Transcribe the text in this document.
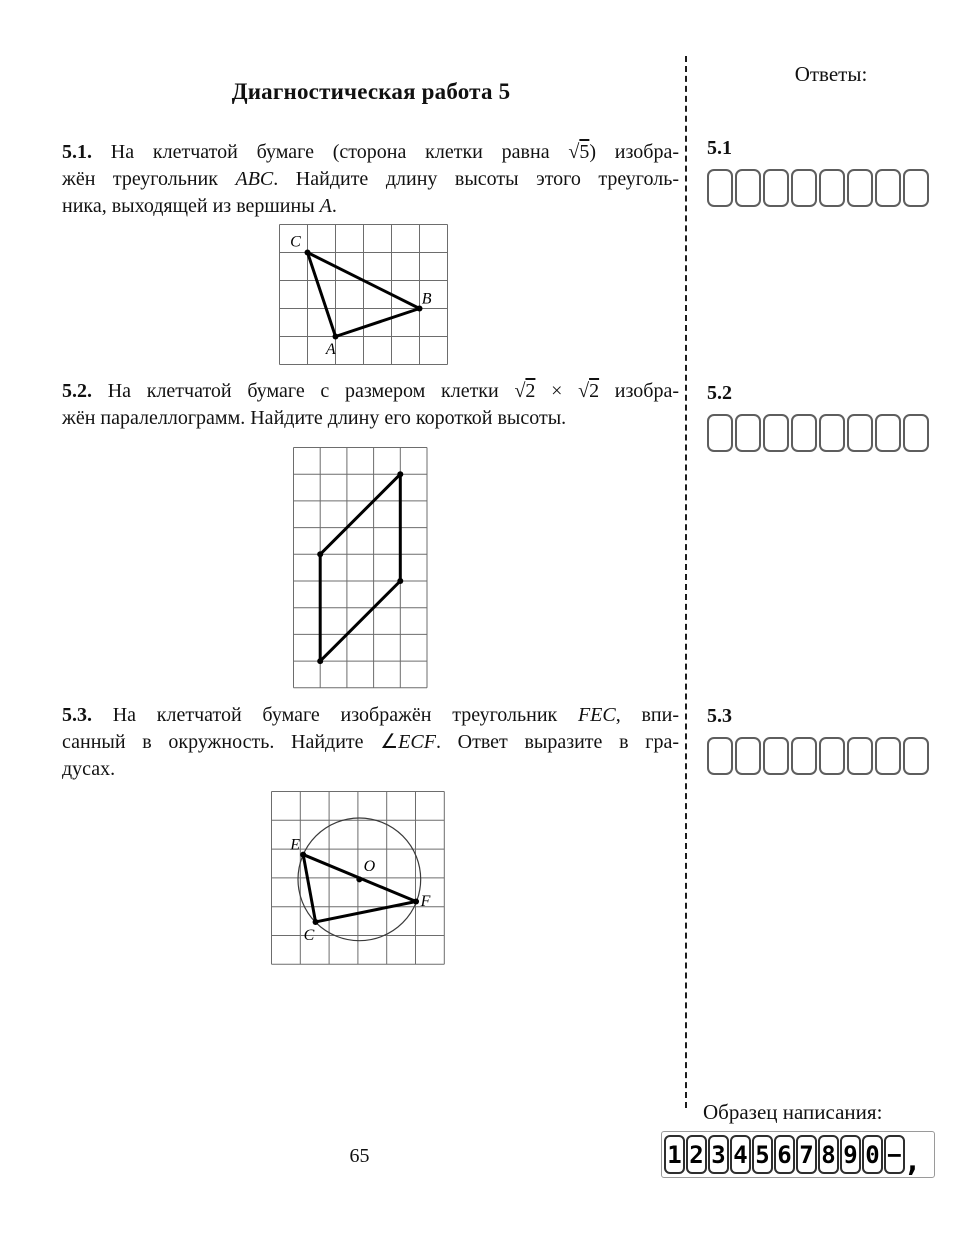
Диагностическая работа 5
5.1. На клетчатой бумаге (сторона клетки равна √5) изобра-
жён треугольник ABC. Найдите длину высоты этого треуголь-
ника, выходящей из вершины A.
A
B
C
5.2. На клетчатой бумаге с размером клетки √2 × √2 изобра-
жён паралеллограмм. Найдите длину его короткой высоты.
5.3. На клетчатой бумаге изображён треугольник FEC, впи-
санный в окружность. Найдите ∠ECF. Ответ выразите в гра-
дусах.
E
O
F
C
Ответы:
5.1
5.2
5.3
Образец написания:
1 2 3 4 5 6 7 8 9 0 − ,
65
